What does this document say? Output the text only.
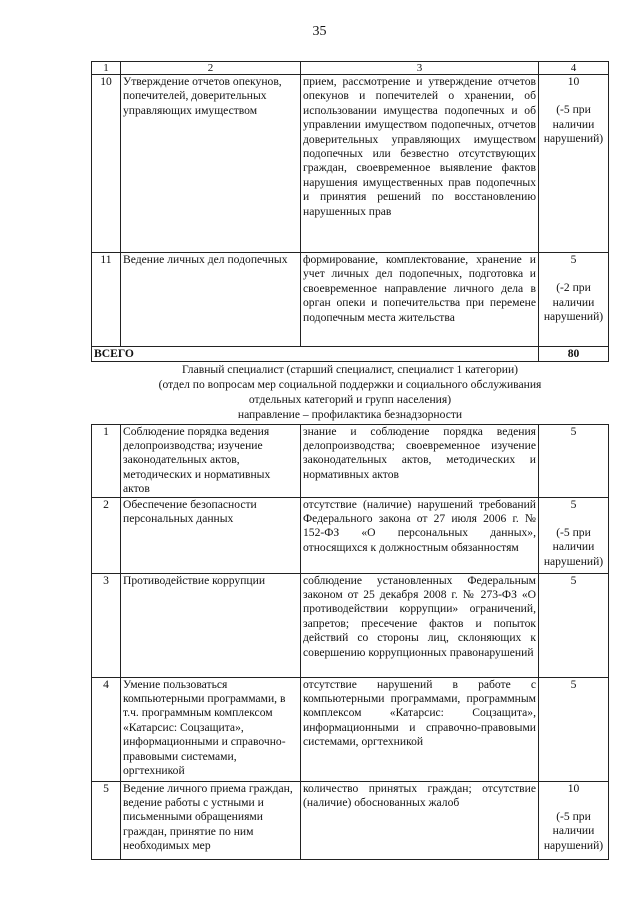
35
1	2	3	4
10	Утверждение отчетов опекунов, попечителей, доверительных управляющих имуществом	прием, рассмотрение и утверждение отчетов опекунов и попечителей о хранении, об использовании имущества подопечных и об управлении имуществом подопечных, отчетов доверительных управляющих имуществом подопечных или безвестно отсутствующих граждан, своевременное выявление фактов нарушения имущественных прав подопечных и принятия решений по восстановлению нарушенных прав	10
(-5 при наличии нарушений)

11	Ведение личных дел подопечных	формирование, комплектование, хранение и учет личных дел подопечных, подготовка и своевременное направление личного дела в орган опеки и попечительства при перемене подопечным места жительства	5
(-2 при наличии нарушений)

ВСЕГО			80

Главный специалист (старший специалист, специалист 1 категории)
(отдел по вопросам мер социальной поддержки и социального обслуживания
отдельных категорий и групп населения)
направление – профилактика безнадзорности			

1	Соблюдение порядка ведения делопроизводства; изучение законодательных актов, методических и нормативных актов	знание и соблюдение порядка ведения делопроизводства; своевременное изучение законодательных актов, методических и нормативных актов	5
2	Обеспечение безопасности персональных данных	отсутствие (наличие) нарушений требований Федерального закона от 27 июля 2006 г. № 152-ФЗ «О персональных данных», относящихся к должностным обязанностям	5
(-5 при наличии нарушений)

3	Противодействие коррупции	соблюдение установленных Федеральным законом от 25 декабря 2008 г. № 273-ФЗ «О противодействии коррупции» ограничений, запретов; пресечение фактов и попыток действий со стороны лиц, склоняющих к совершению коррупционных правонарушений	5
4	Умение пользоваться компьютерными программами, в т.ч. программным комплексом «Катарсис: Соцзащита», информационными и справочно-правовыми системами, оргтехникой	отсутствие нарушений в работе с компьютерными программами, программным комплексом «Катарсис: Соцзащита», информационными и справочно-правовыми системами, оргтехникой	5
5	Ведение личного приема граждан, ведение работы с устными и письменными обращениями граждан, принятие по ним необходимых мер	количество принятых граждан; отсутствие (наличие) обоснованных жалоб	10
(-5 при наличии нарушений)
